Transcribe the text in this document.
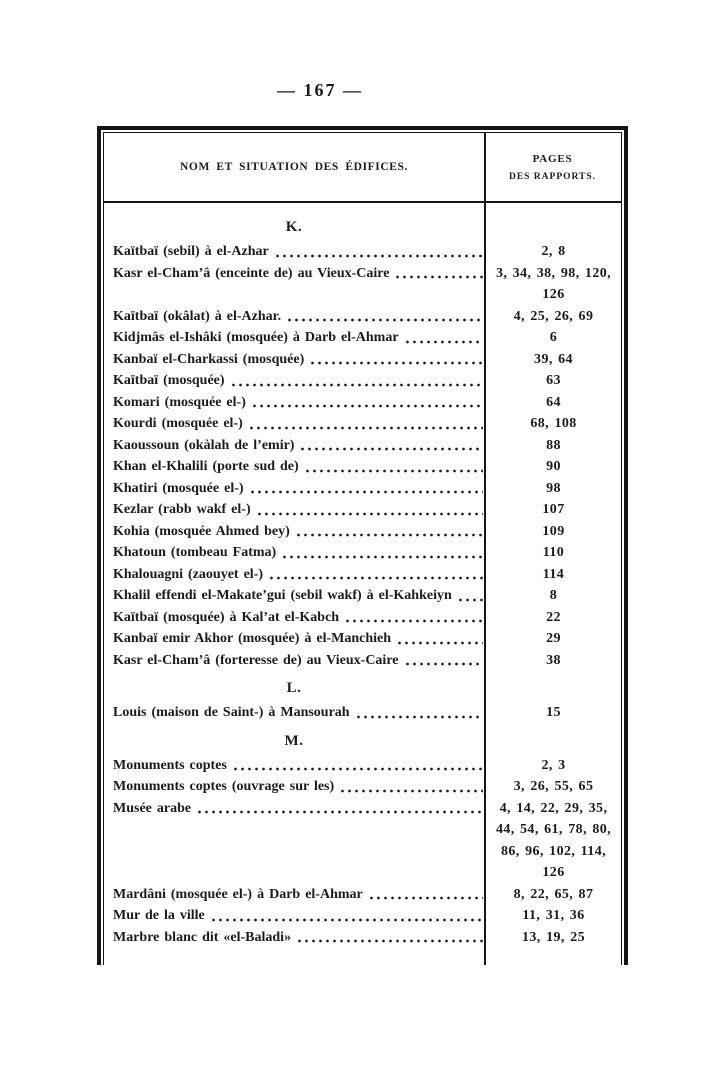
— 167 —
NOM ET SITUATION DES ÉDIFICES.
PAGES
DES RAPPORTS.
K.
Kaïtbaï (sebil) à el-Azhar	2, 8
Kasr el-Cham’â (enceinte de) au Vieux-Caire	3, 34, 38, 98, 120, 126
Kaïtbaï (okâlat) à el-Azhar.	4, 25, 26, 69
Kidjmâs el-Ishâki (mosquée) à Darb el-Ahmar	6
Kanbaï el-Charkassi (mosquée)	39, 64
Kaïtbaï (mosquée)	63
Komari (mosquée el-)	64
Kourdi (mosquée el-)	68, 108
Kaoussoun (okàlah de l’emir)	88
Khan el-Khalili (porte sud de)	90
Khatiri (mosquée el-)	98
Kezlar (rabb wakf el-)	107
Kohia (mosquée Ahmed bey)	109
Khatoun (tombeau Fatma)	110
Khalouagni (zaouyet el-)	114
Khalil effendi el-Makate’gui (sebil wakf) à el-Kahkeiyn	8
Kaïtbaï (mosquée) à Kal’at el-Kabch	22
Kanbaï emir Akhor (mosquée) à el-Manchieh	29
Kasr el-Cham’â (forteresse de) au Vieux-Caire	38
L.
Louis (maison de Saint-) à Mansourah	15
M.
Monuments coptes	2, 3
Monuments coptes (ouvrage sur les)	3, 26, 55, 65
Musée arabe	4, 14, 22, 29, 35, 44, 54, 61, 78, 80, 86, 96, 102, 114, 126
Mardâni (mosquée el-) à Darb el-Ahmar	8, 22, 65, 87
Mur de la ville	11, 31, 36
Marbre blanc dit «el-Baladi»	13, 19, 25
